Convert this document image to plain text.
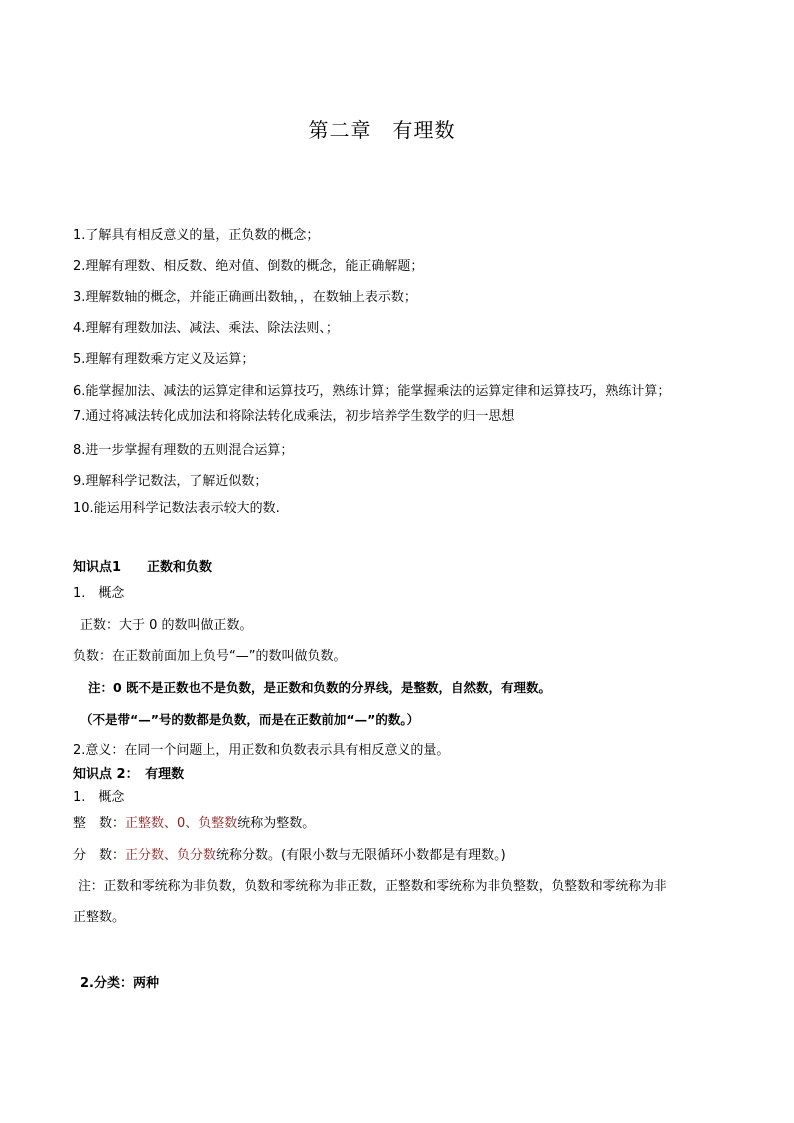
第二章　有理数
1.了解具有相反意义的量，正负数的概念；
2.理解有理数、相反数、绝对值、倒数的概念，能正确解题；
3.理解数轴的概念，并能正确画出数轴，，在数轴上表示数；
4.理解有理数加法、减法、乘法、除法法则、；
5.理解有理数乘方定义及运算；
6.能掌握加法、减法的运算定律和运算技巧，熟练计算；能掌握乘法的运算定律和运算技巧，熟练计算；
7.通过将减法转化成加法和将除法转化成乘法，初步培养学生数学的归一思想
8.进一步掌握有理数的五则混合运算；
9.理解科学记数法，了解近似数；
10.能运用科学记数法表示较大的数.
知识点1　　正数和负数
1.　概念
正数：大于 0 的数叫做正数。
负数：在正数前面加上负号“—”的数叫做负数。
注：0 既不是正数也不是负数，是正数和负数的分界线，是整数，自然数，有理数。
（不是带“—”号的数都是负数，而是在正数前加“—”的数。）
2.意义：在同一个问题上，用正数和负数表示具有相反意义的量。
知识点 2：　有理数
1.　概念
整　数：正整数、0、负整数统称为整数。
分　数：正分数、负分数统称分数。(有限小数与无限循环小数都是有理数。)
注：正数和零统称为非负数，负数和零统称为非正数，正整数和零统称为非负整数，负整数和零统称为非
正整数。
2.分类：两种
